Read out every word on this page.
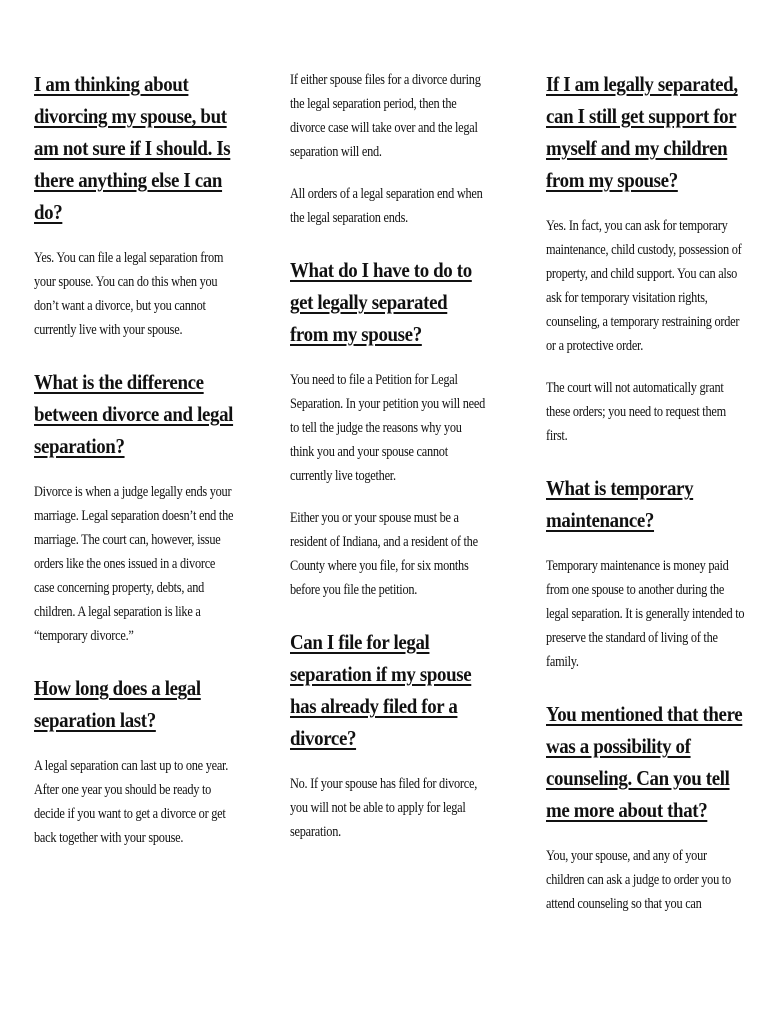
I am thinking about divorcing my spouse, but am not sure if I should. Is there anything else I can do?

Yes. You can file a legal separation from your spouse. You can do this when you don’t want a divorce, but you cannot currently live with your spouse.

What is the difference between divorce and legal separation?

Divorce is when a judge legally ends your marriage. Legal separation doesn’t end the marriage. The court can, however, issue orders like the ones issued in a divorce case concerning property, debts, and children. A legal separation is like a “temporary divorce.”

How long does a legal separation last?

A legal separation can last up to one year. After one year you should be ready to decide if you want to get a divorce or get back together with your spouse.

If either spouse files for a divorce during the legal separation period, then the divorce case will take over and the legal separation will end.

All orders of a legal separation end when the legal separation ends.

What do I have to do to get legally separated from my spouse?

You need to file a Petition for Legal Separation. In your petition you will need to tell the judge the reasons why you think you and your spouse cannot currently live together.

Either you or your spouse must be a resident of Indiana, and a resident of the County where you file, for six months before you file the petition.

Can I file for legal separation if my spouse has already filed for a divorce?

No. If your spouse has filed for divorce, you will not be able to apply for legal separation.

If I am legally separated, can I still get support for myself and my children from my spouse?

Yes. In fact, you can ask for temporary maintenance, child custody, possession of property, and child support. You can also ask for temporary visitation rights, counseling, a temporary restraining order or a protective order.

The court will not automatically grant these orders; you need to request them first.

What is temporary maintenance?

Temporary maintenance is money paid from one spouse to another during the legal separation. It is generally intended to preserve the standard of living of the family.

You mentioned that there was a possibility of counseling. Can you tell me more about that?

You, your spouse, and any of your children can ask a judge to order you to attend counseling so that you can
